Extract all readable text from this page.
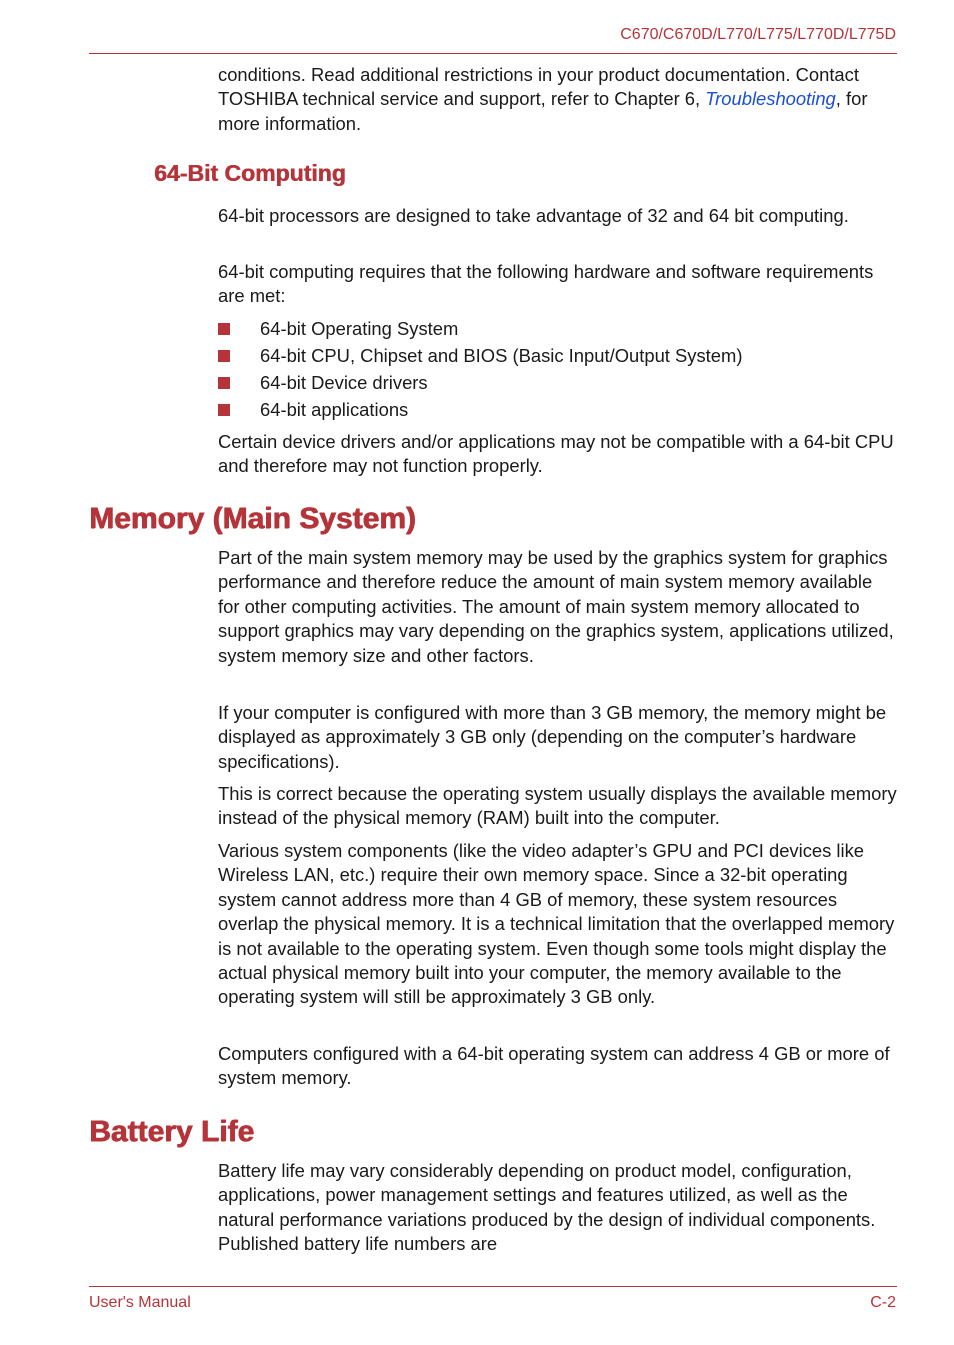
C670/C670D/L770/L775/L770D/L775D

conditions. Read additional restrictions in your product documentation. Contact TOSHIBA technical service and support, refer to Chapter 6, Troubleshooting, for more information.

64-Bit Computing

64-bit processors are designed to take advantage of 32 and 64 bit computing.

64-bit computing requires that the following hardware and software requirements are met:

64-bit Operating System
64-bit CPU, Chipset and BIOS (Basic Input/Output System)
64-bit Device drivers
64-bit applications

Certain device drivers and/or applications may not be compatible with a 64-bit CPU and therefore may not function properly.

Memory (Main System)

Part of the main system memory may be used by the graphics system for graphics performance and therefore reduce the amount of main system memory available for other computing activities. The amount of main system memory allocated to support graphics may vary depending on the graphics system, applications utilized, system memory size and other factors.

If your computer is configured with more than 3 GB memory, the memory might be displayed as approximately 3 GB only (depending on the computer’s hardware specifications).

This is correct because the operating system usually displays the available memory instead of the physical memory (RAM) built into the computer.

Various system components (like the video adapter’s GPU and PCI devices like Wireless LAN, etc.) require their own memory space. Since a 32-bit operating system cannot address more than 4 GB of memory, these system resources overlap the physical memory. It is a technical limitation that the overlapped memory is not available to the operating system. Even though some tools might display the actual physical memory built into your computer, the memory available to the operating system will still be approximately 3 GB only.

Computers configured with a 64-bit operating system can address 4 GB or more of system memory.

Battery Life

Battery life may vary considerably depending on product model, configuration, applications, power management settings and features utilized, as well as the natural performance variations produced by the design of individual components. Published battery life numbers are

User's Manual	C-2
